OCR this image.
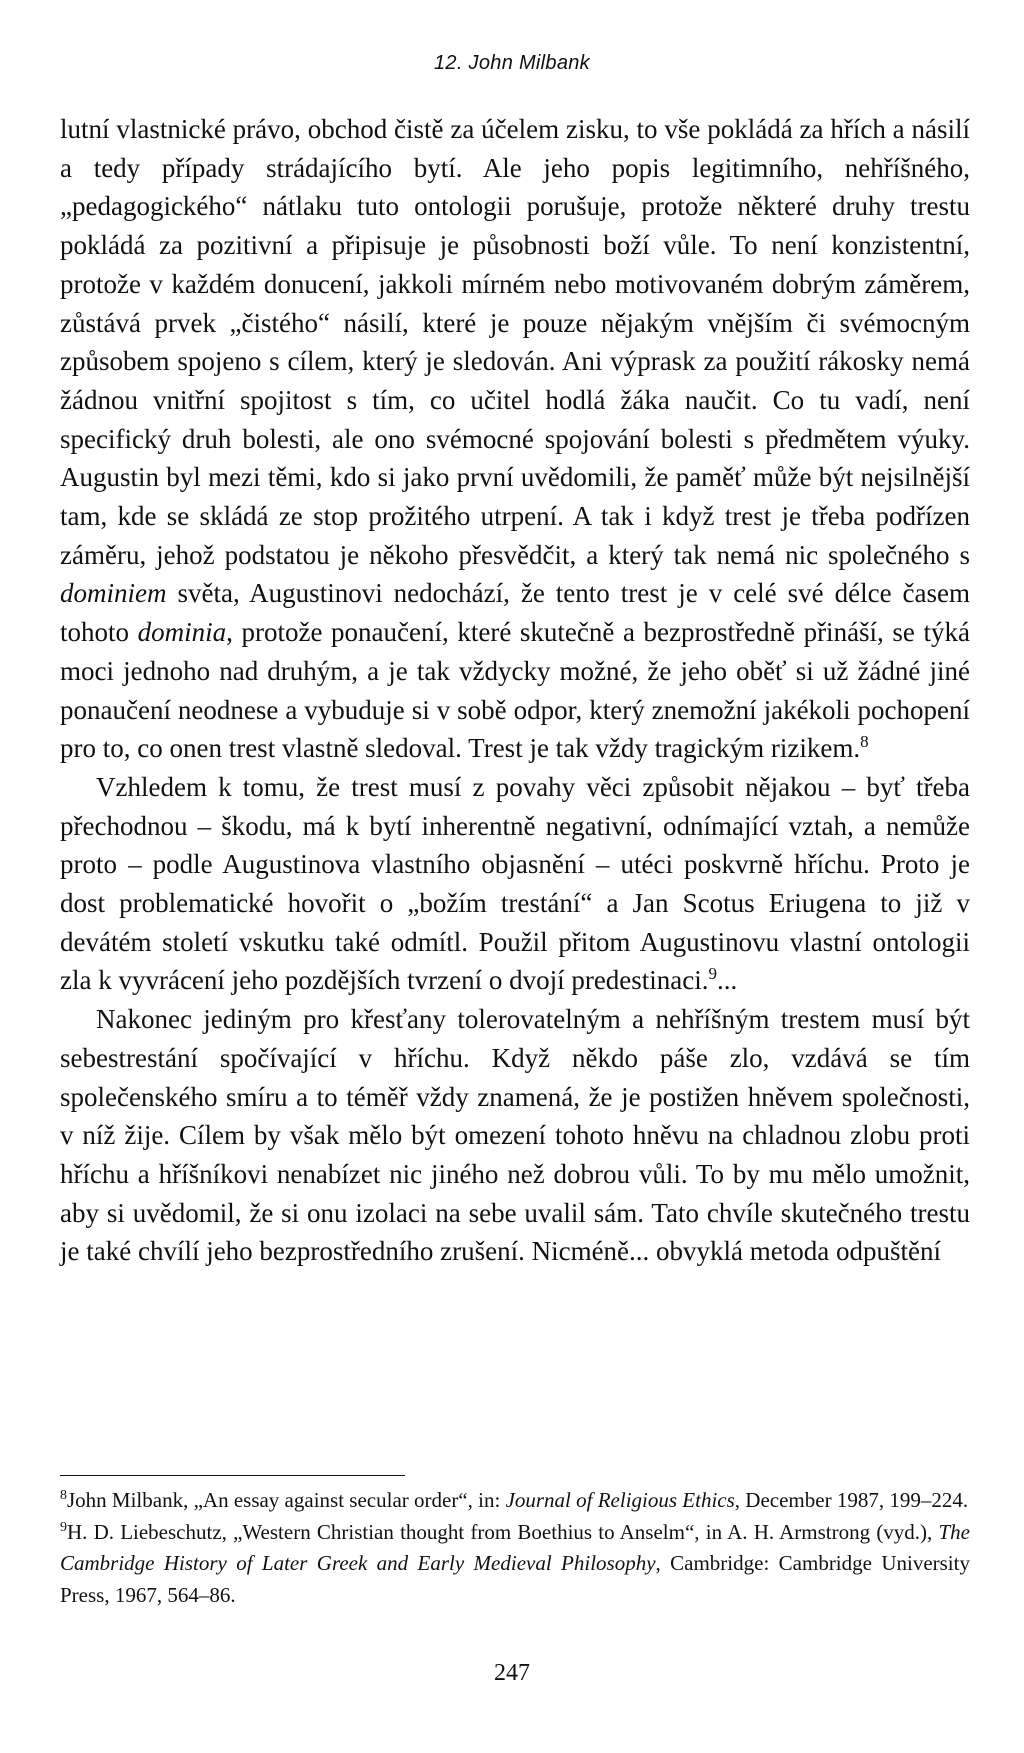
12. John Milbank

lutní vlastnické právo, obchod čistě za účelem zisku, to vše pokládá za hřích a násilí a tedy případy strádajícího bytí. Ale jeho popis legitimního, nehříšného, „pedagogického“ nátlaku tuto ontologii porušuje, protože některé druhy trestu pokládá za pozitivní a připisuje je působnosti boží vůle. To není konzistentní, protože v každém donucení, jakkoli mírném nebo motivovaném dobrým záměrem, zůstává prvek „čistého“ násilí, které je pouze nějakým vnějším či svémocným způsobem spojeno s cílem, který je sledován. Ani výprask za použití rákosky nemá žádnou vnitřní spojitost s tím, co učitel hodlá žáka naučit. Co tu vadí, není specifický druh bolesti, ale ono svémocné spojování bolesti s předmětem výuky. Augustin byl mezi těmi, kdo si jako první uvědomili, že paměť může být nejsilnější tam, kde se skládá ze stop prožitého utrpení. A tak i když trest je třeba podřízen záměru, jehož podstatou je někoho přesvědčit, a který tak nemá nic společného s dominiem světa, Augustinovi nedochází, že tento trest je v celé své délce časem tohoto dominia, protože ponaučení, které skutečně a bezprostředně přináší, se týká moci jednoho nad druhým, a je tak vždycky možné, že jeho oběť si už žádné jiné ponaučení neodnese a vybuduje si v sobě odpor, který znemožní jakékoli pochopení pro to, co onen trest vlastně sledoval. Trest je tak vždy tragickým rizikem.$^8$

Vzhledem k tomu, že trest musí z povahy věci způsobit nějakou – byť třeba přechodnou – škodu, má k bytí inherentně negativní, odnímající vztah, a nemůže proto – podle Augustinova vlastního objasnění – utéci poskvrně hříchu. Proto je dost problematické hovořit o „božím trestání“ a Jan Scotus Eriugena to již v devátém století vskutku také odmítl. Použil přitom Augustinovu vlastní ontologii zla k vyvrácení jeho pozdějších tvrzení o dvojí predestinaci.$^9$...

Nakonec jediným pro křesťany tolerovatelným a nehříšným trestem musí být sebestrestání spočívající v hříchu. Když někdo páše zlo, vzdává se tím společenského smíru a to téměř vždy znamená, že je postižen hněvem společnosti, v níž žije. Cílem by však mělo být omezení tohoto hněvu na chladnou zlobu proti hříchu a hříšníkovi nenabízet nic jiného než dobrou vůli. To by mu mělo umožnit, aby si uvědomil, že si onu izolaci na sebe uvalil sám. Tato chvíle skutečného trestu je také chvílí jeho bezprostředního zrušení. Nicméně... obvyklá metoda odpuštění

$^8$John Milbank, „An essay against secular order“, in: Journal of Religious Ethics, December 1987, 199–224.

$^9$H. D. Liebeschutz, „Western Christian thought from Boethius to Anselm“, in A. H. Armstrong (vyd.), The Cambridge History of Later Greek and Early Medieval Philosophy, Cambridge: Cambridge University Press, 1967, 564–86.

247
